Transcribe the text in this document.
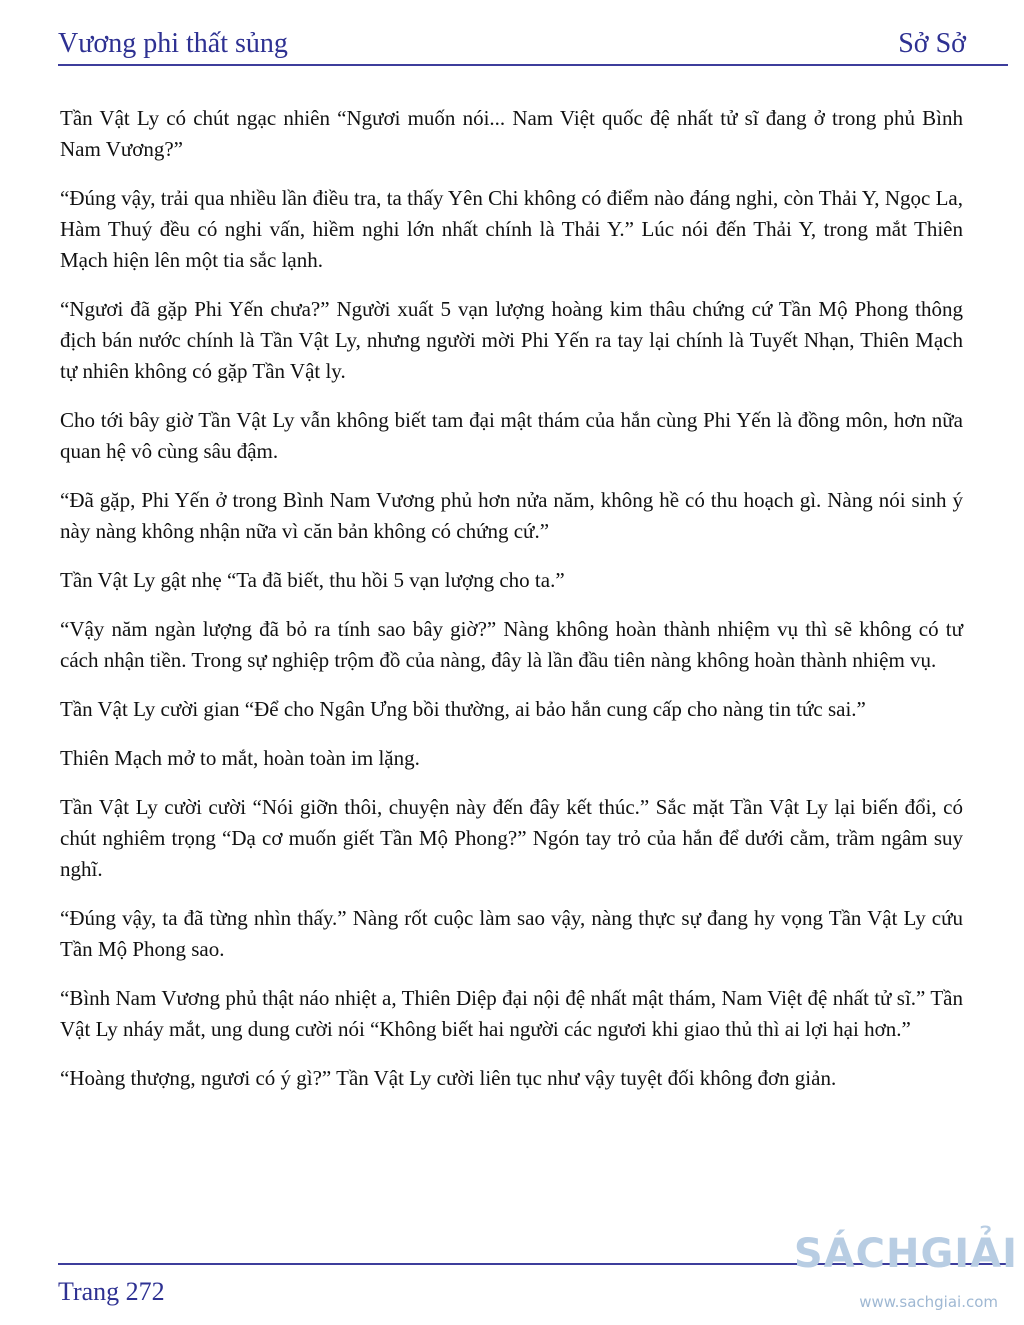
Vương phi thất sủng	Sở Sở

Tần Vật Ly có chút ngạc nhiên “Ngươi muốn nói... Nam Việt quốc đệ nhất tử sĩ đang ở trong phủ Bình Nam Vương?”

“Đúng vậy, trải qua nhiều lần điều tra, ta thấy Yên Chi không có điểm nào đáng nghi, còn Thải Y, Ngọc La, Hàm Thuý đều có nghi vấn, hiềm nghi lớn nhất chính là Thải Y.” Lúc nói đến Thải Y, trong mắt Thiên Mạch hiện lên một tia sắc lạnh.

“Ngươi đã gặp Phi Yến chưa?” Người xuất 5 vạn lượng hoàng kim thâu chứng cứ Tần Mộ Phong thông địch bán nước chính là Tần Vật Ly, nhưng người mời Phi Yến ra tay lại chính là Tuyết Nhạn, Thiên Mạch tự nhiên không có gặp Tần Vật ly.

Cho tới bây giờ Tần Vật Ly vẫn không biết tam đại mật thám của hắn cùng Phi Yến là đồng môn, hơn nữa quan hệ vô cùng sâu đậm.

“Đã gặp, Phi Yến ở trong Bình Nam Vương phủ hơn nửa năm, không hề có thu hoạch gì. Nàng nói sinh ý này nàng không nhận nữa vì căn bản không có chứng cứ.”

Tần Vật Ly gật nhẹ “Ta đã biết, thu hồi 5 vạn lượng cho ta.”

“Vậy năm ngàn lượng đã bỏ ra tính sao bây giờ?” Nàng không hoàn thành nhiệm vụ thì sẽ không có tư cách nhận tiền. Trong sự nghiệp trộm đồ của nàng, đây là lần đầu tiên nàng không hoàn thành nhiệm vụ.

Tần Vật Ly cười gian “Để cho Ngân Ưng bồi thường, ai bảo hắn cung cấp cho nàng tin tức sai.”

Thiên Mạch mở to mắt, hoàn toàn im lặng.

Tần Vật Ly cười cười “Nói giỡn thôi, chuyện này đến đây kết thúc.” Sắc mặt Tần Vật Ly lại biến đổi, có chút nghiêm trọng “Dạ cơ muốn giết Tần Mộ Phong?” Ngón tay trỏ của hắn để dưới cằm, trầm ngâm suy nghĩ.

“Đúng vậy, ta đã từng nhìn thấy.” Nàng rốt cuộc làm sao vậy, nàng thực sự đang hy vọng Tần Vật Ly cứu Tần Mộ Phong sao.

“Bình Nam Vương phủ thật náo nhiệt a, Thiên Diệp đại nội đệ nhất mật thám, Nam Việt đệ nhất tử sĩ.” Tần Vật Ly nháy mắt, ung dung cười nói “Không biết hai người các ngươi khi giao thủ thì ai lợi hại hơn.”

“Hoàng thượng, ngươi có ý gì?” Tần Vật Ly cười liên tục như vậy tuyệt đối không đơn giản.

Trang 272
SÁCHGIẢI
www.sachgiai.com
